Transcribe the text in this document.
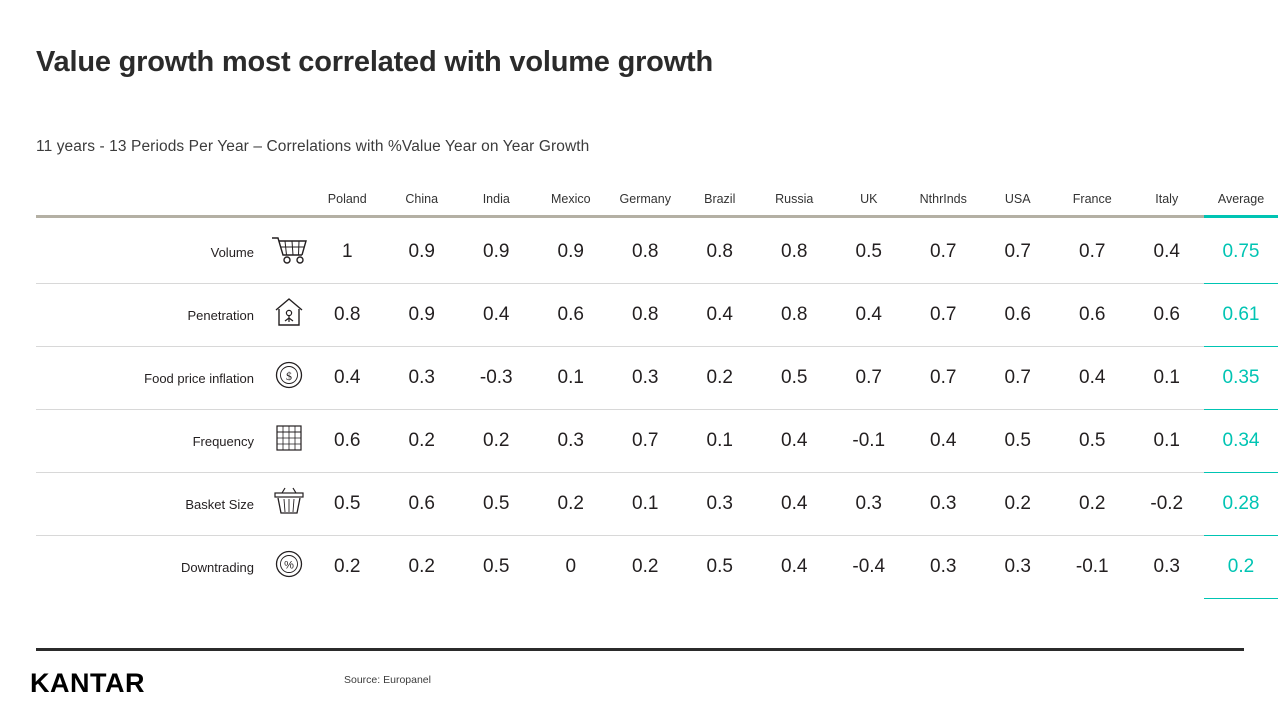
Value growth most correlated with volume growth
11 years - 13 Periods Per Year – Correlations with %Value Year on Year Growth
		Poland	China	India	Mexico	Germany	Brazil	Russia	UK	NthrInds	USA	France	Italy	Average

Volume		1	0.9	0.9	0.9	0.8	0.8	0.8	0.5	0.7	0.7	0.7	0.4	0.75
Penetration		0.8	0.9	0.4	0.6	0.8	0.4	0.8	0.4	0.7	0.6	0.6	0.6	0.61
Food price inflation	$	0.4	0.3	-0.3	0.1	0.3	0.2	0.5	0.7	0.7	0.7	0.4	0.1	0.35
Frequency		0.6	0.2	0.2	0.3	0.7	0.1	0.4	-0.1	0.4	0.5	0.5	0.1	0.34
Basket Size		0.5	0.6	0.5	0.2	0.1	0.3	0.4	0.3	0.3	0.2	0.2	-0.2	0.28
Downtrading	%	0.2	0.2	0.5	0	0.2	0.5	0.4	-0.4	0.3	0.3	-0.1	0.3	0.2
KANTAR	Source: Europanel
